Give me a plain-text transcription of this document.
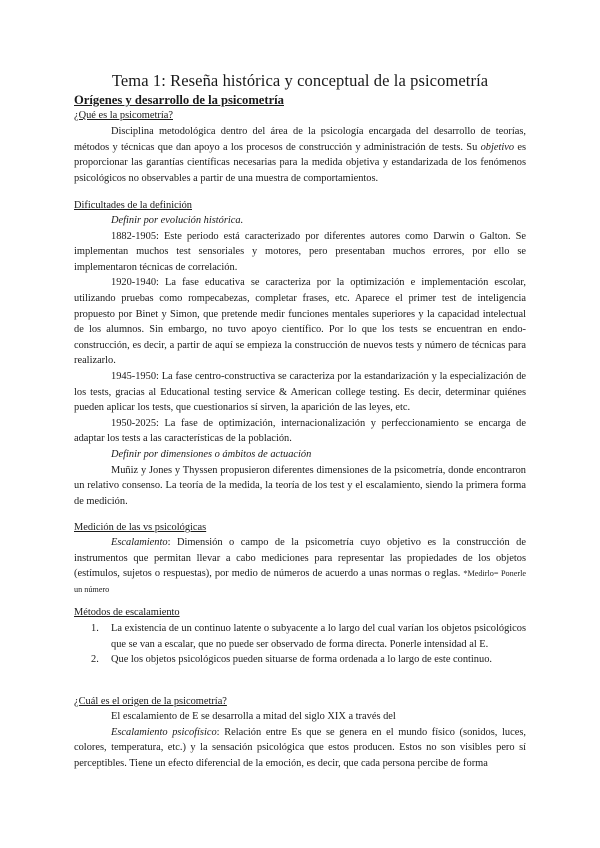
Tema 1: Reseña histórica y conceptual de la psicometría
Orígenes y desarrollo de la psicometría
¿Qué es la psicometría?

Disciplina metodológica dentro del área de la psicología encargada del desarrollo de teorías, métodos y técnicas que dan apoyo a los procesos de construcción y administración de tests. Su objetivo es proporcionar las garantías científicas necesarias para la medida objetiva y estandarizada de los fenómenos psicológicos no observables a partir de una muestra de comportamientos.

Dificultades de la definición

Definir por evolución histórica.

1882-1905: Este periodo está caracterizado por diferentes autores como Darwin o Galton. Se implementan muchos test sensoriales y motores, pero presentaban muchos errores, por ello se implementaron técnicas de correlación.

1920-1940: La fase educativa se caracteriza por la optimización e implementación escolar, utilizando pruebas como rompecabezas, completar frases, etc. Aparece el primer test de inteligencia propuesto por Binet y Simon, que pretende medir funciones mentales superiores y la capacidad intelectual de los alumnos. Sin embargo, no tuvo apoyo científico. Por lo que los tests se encuentran en endo-construcción, es decir, a partir de aquí se empieza la construcción de nuevos tests y número de técnicas para realizarlo.

1945-1950: La fase centro-constructiva se caracteriza por la estandarización y la especialización de los tests, gracias al Educational testing service & American college testing. Es decir, determinar quiénes pueden aplicar los tests, que cuestionarios sí sirven, la aparición de las leyes, etc.

1950-2025: La fase de optimización, internacionalización y perfeccionamiento se encarga de adaptar los tests a las características de la población.

Definir por dimensiones o ámbitos de actuación

Muñiz y Jones y Thyssen propusieron diferentes dimensiones de la psicometría, donde encontraron un relativo consenso. La teoría de la medida, la teoría de los test y el escalamiento, siendo la primera forma de medición.

Medición de las vs psicológicas

Escalamiento: Dimensión o campo de la psicometría cuyo objetivo es la construcción de instrumentos que permitan llevar a cabo mediciones para representar las propiedades de los objetos (estímulos, sujetos o respuestas), por medio de números de acuerdo a unas normas o reglas. *Medirlo= Ponerle un número

Métodos de escalamiento
1. La existencia de un continuo latente o subyacente a lo largo del cual varían los objetos psicológicos que se van a escalar, que no puede ser observado de forma directa. Ponerle intensidad al E.
2. Que los objetos psicológicos pueden situarse de forma ordenada a lo largo de este continuo.
¿Cuál es el origen de la psicometría?

El escalamiento de E se desarrolla a mitad del siglo XIX a través del

Escalamiento psicofísico: Relación entre Es que se genera en el mundo físico (sonidos, luces, colores, temperatura, etc.) y la sensación psicológica que estos producen. Estos no son visibles pero sí perceptibles. Tiene un efecto diferencial de la emoción, es decir, que cada persona percibe de forma
